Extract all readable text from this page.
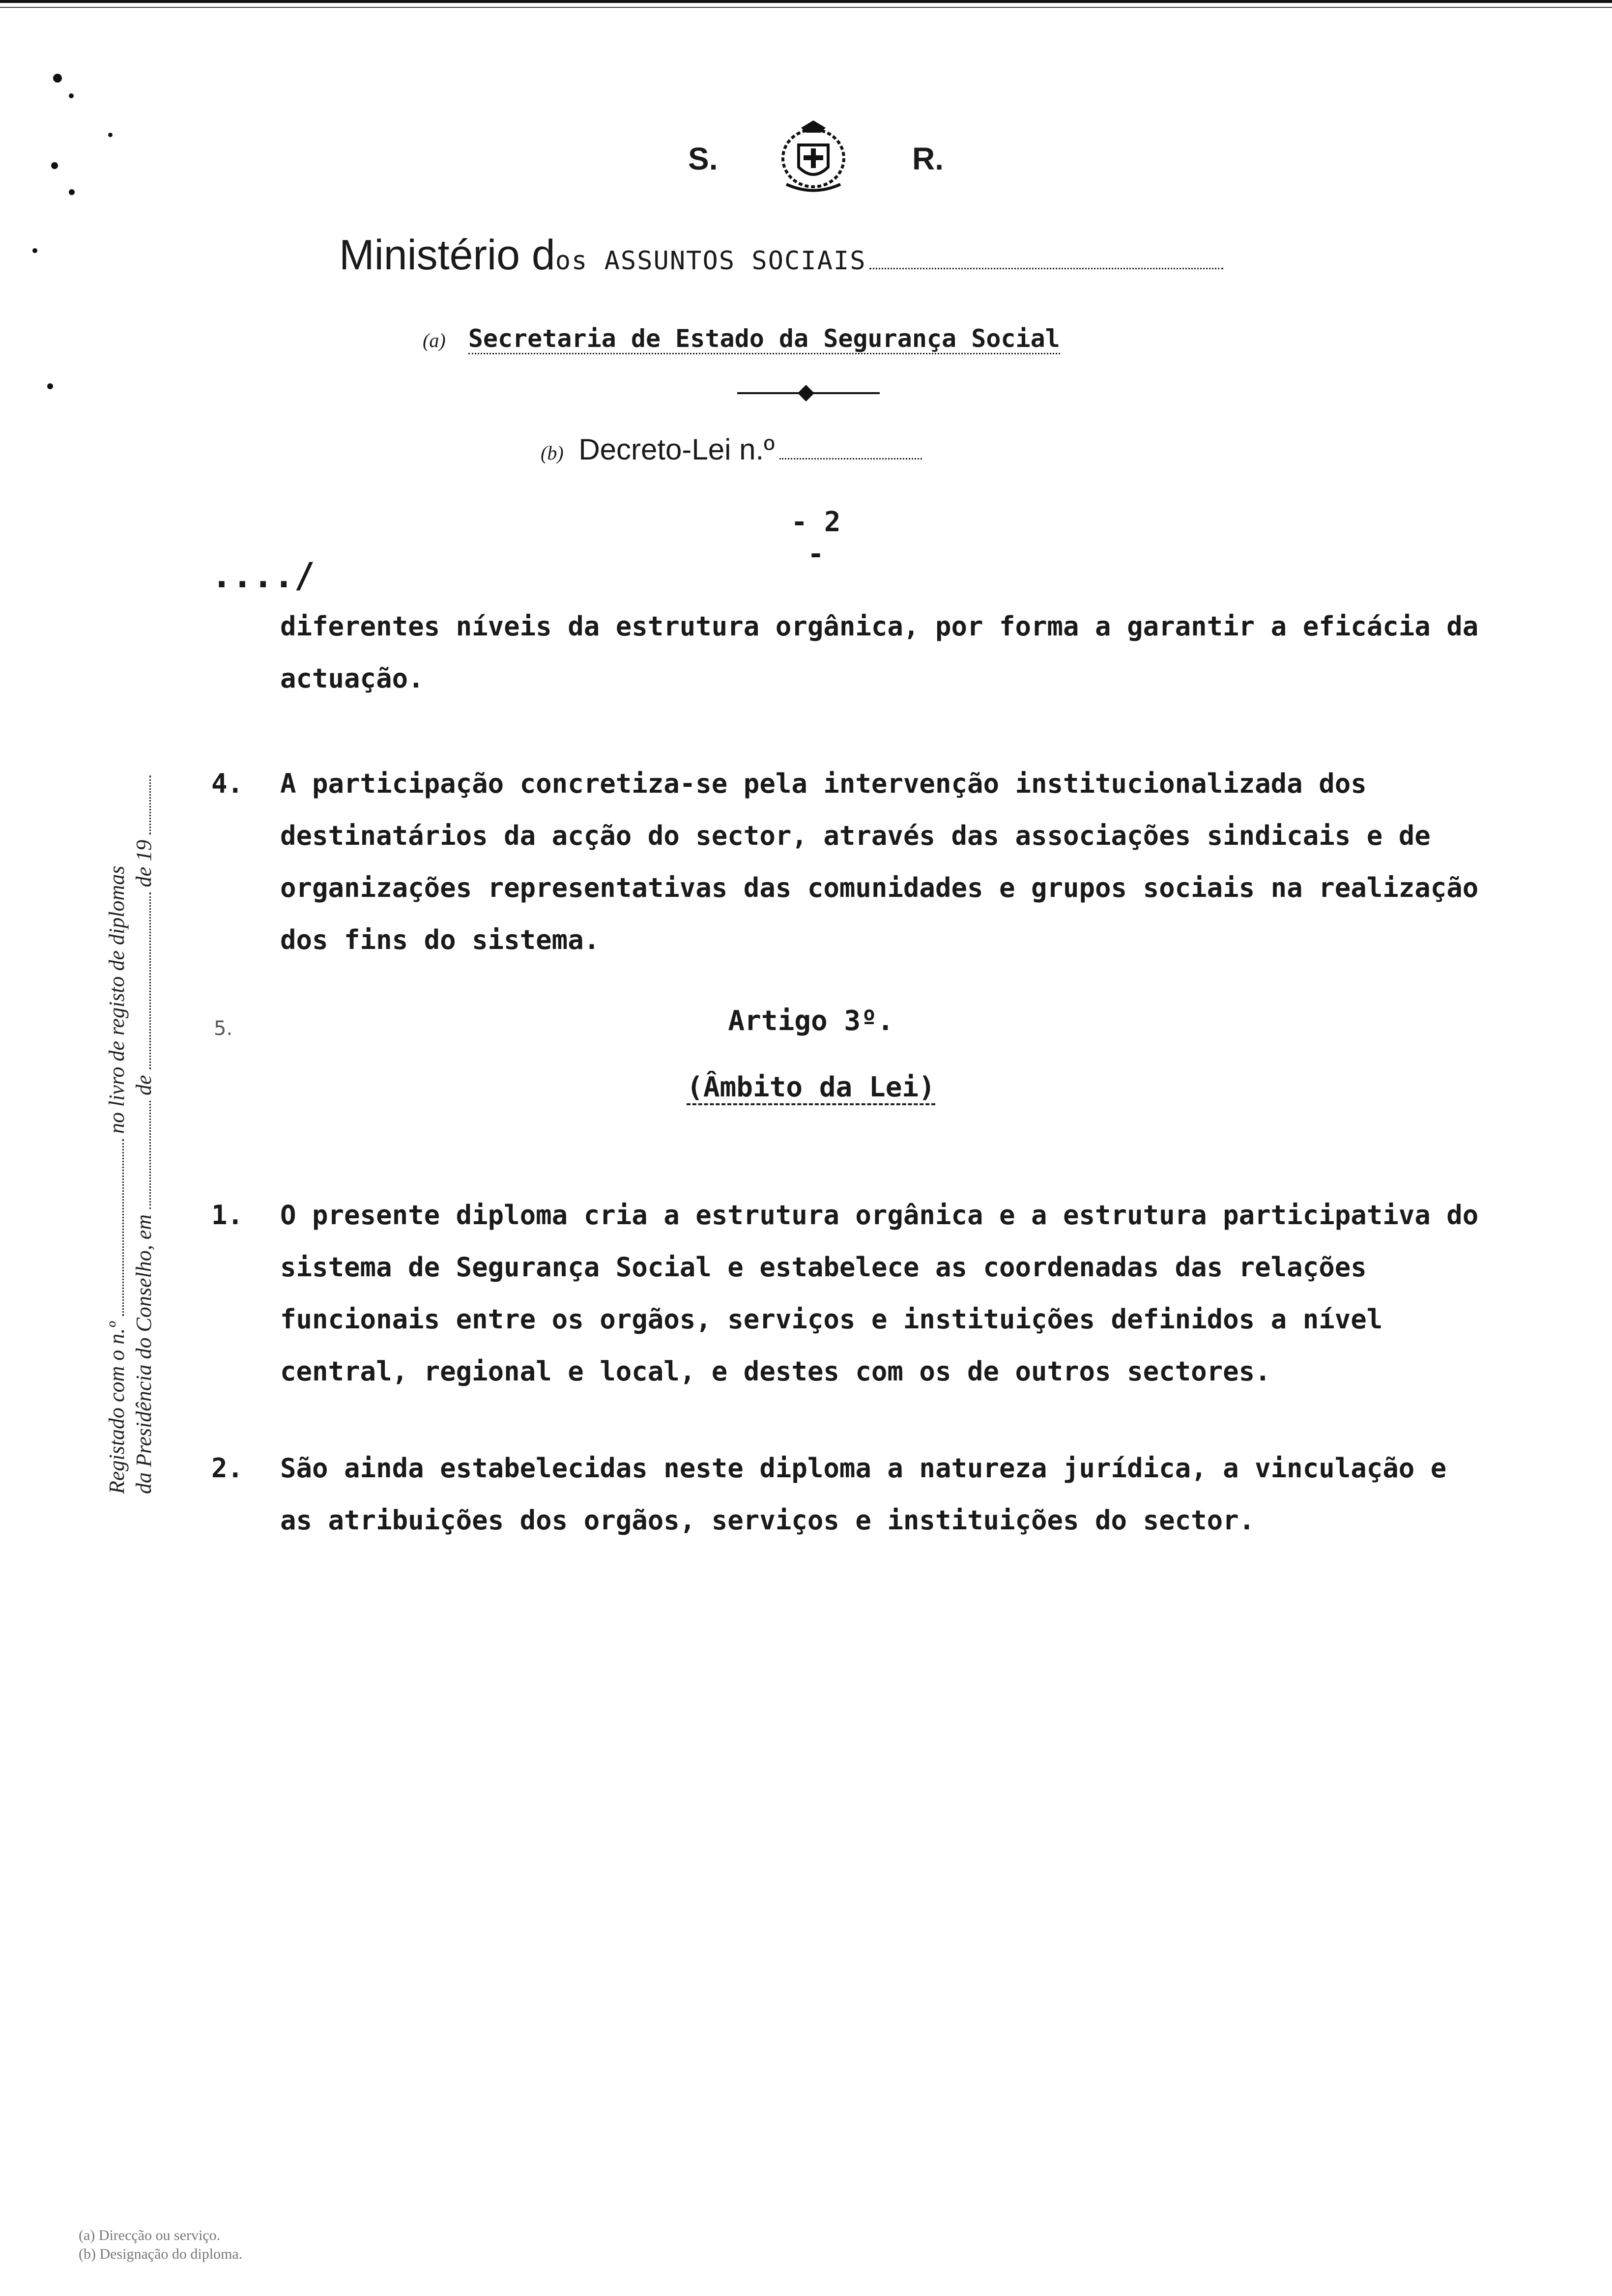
S.	R.
Ministério dos ASSUNTOS SOCIAIS
(a) Secretaria de Estado da Segurança Social
(b) Decreto-Lei n.º
- 2 -
..../
diferentes níveis da estrutura orgânica, por forma a garantir a eficácia da actuação.
4. A participação concretiza-se pela intervenção institucionalizada dos destinatários da acção do sector, através das associações sindicais e de organizações representativas das comunidades e grupos sociais na realização dos fins do sistema.
5.	Artigo 3º.
(Âmbito da Lei)
1. O presente diploma cria a estrutura orgânica e a estrutura participativa do sistema de Segurança Social e estabelece as coordenadas das relações funcionais entre os orgãos, serviços e instituições definidos a nível central, regional e local, e destes com os de outros sectores.
2. São ainda estabelecidas neste diploma a natureza jurídica, a vinculação e as atribuições dos orgãos, serviços e instituições do sector.
Registado com o n.º  no livro de registo de diplomas
da Presidência do Conselho, em  de  de 19
(a) Direcção ou serviço.
(b) Designação do diploma.
